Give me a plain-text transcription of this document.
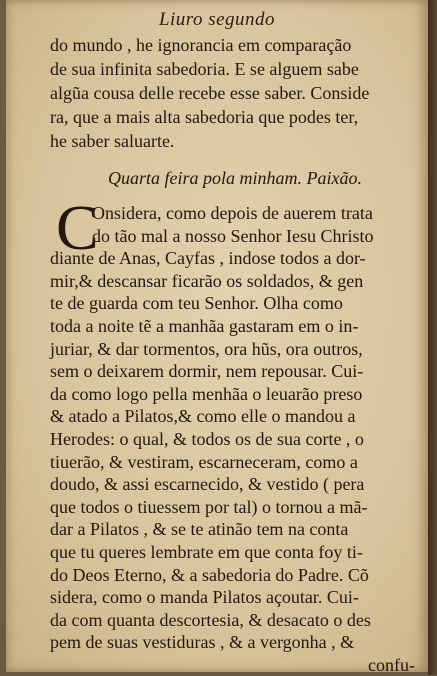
Liuro segundo
do mundo , he ignorancia em comparação
de sua infinita sabedoria. E se alguem sabe
algũa cousa delle recebe esse saber. Conside
ra, que a mais alta sabedoria que podes ter,
he saber saluarte.
Quarta feira pola minham. Paixão.
C
Onsidera, como depois de auerem trata
do tão mal a nosso Senhor Iesu Christo
diante de Anas, Cayfas , indose todos a dor-
mir,& descansar ficarão os soldados, & gen
te de guarda com teu Senhor. Olha como
toda a noite tẽ a manhãa gastaram em o in-
juriar, & dar tormentos, ora hũs, ora outros,
sem o deixarem dormir, nem repousar. Cui-
da como logo pella menhãa o leuarão preso
& atado a Pilatos,& como elle o mandou a
Herodes: o qual, & todos os de sua corte , o
tiuerão, & vestiram, escarneceram, como a
doudo, & assi escarnecido, & vestido ( pera
que todos o tiuessem por tal) o tornou a mã-
dar a Pilatos , & se te atinão tem na conta
que tu queres lembrate em que conta foy ti-
do Deos Eterno, & a sabedoria do Padre. Cõ
sidera, como o manda Pilatos açoutar. Cui-
da com quanta descortesia, & desacato o des
pem de suas vestiduras , & a vergonha , &
confu-
